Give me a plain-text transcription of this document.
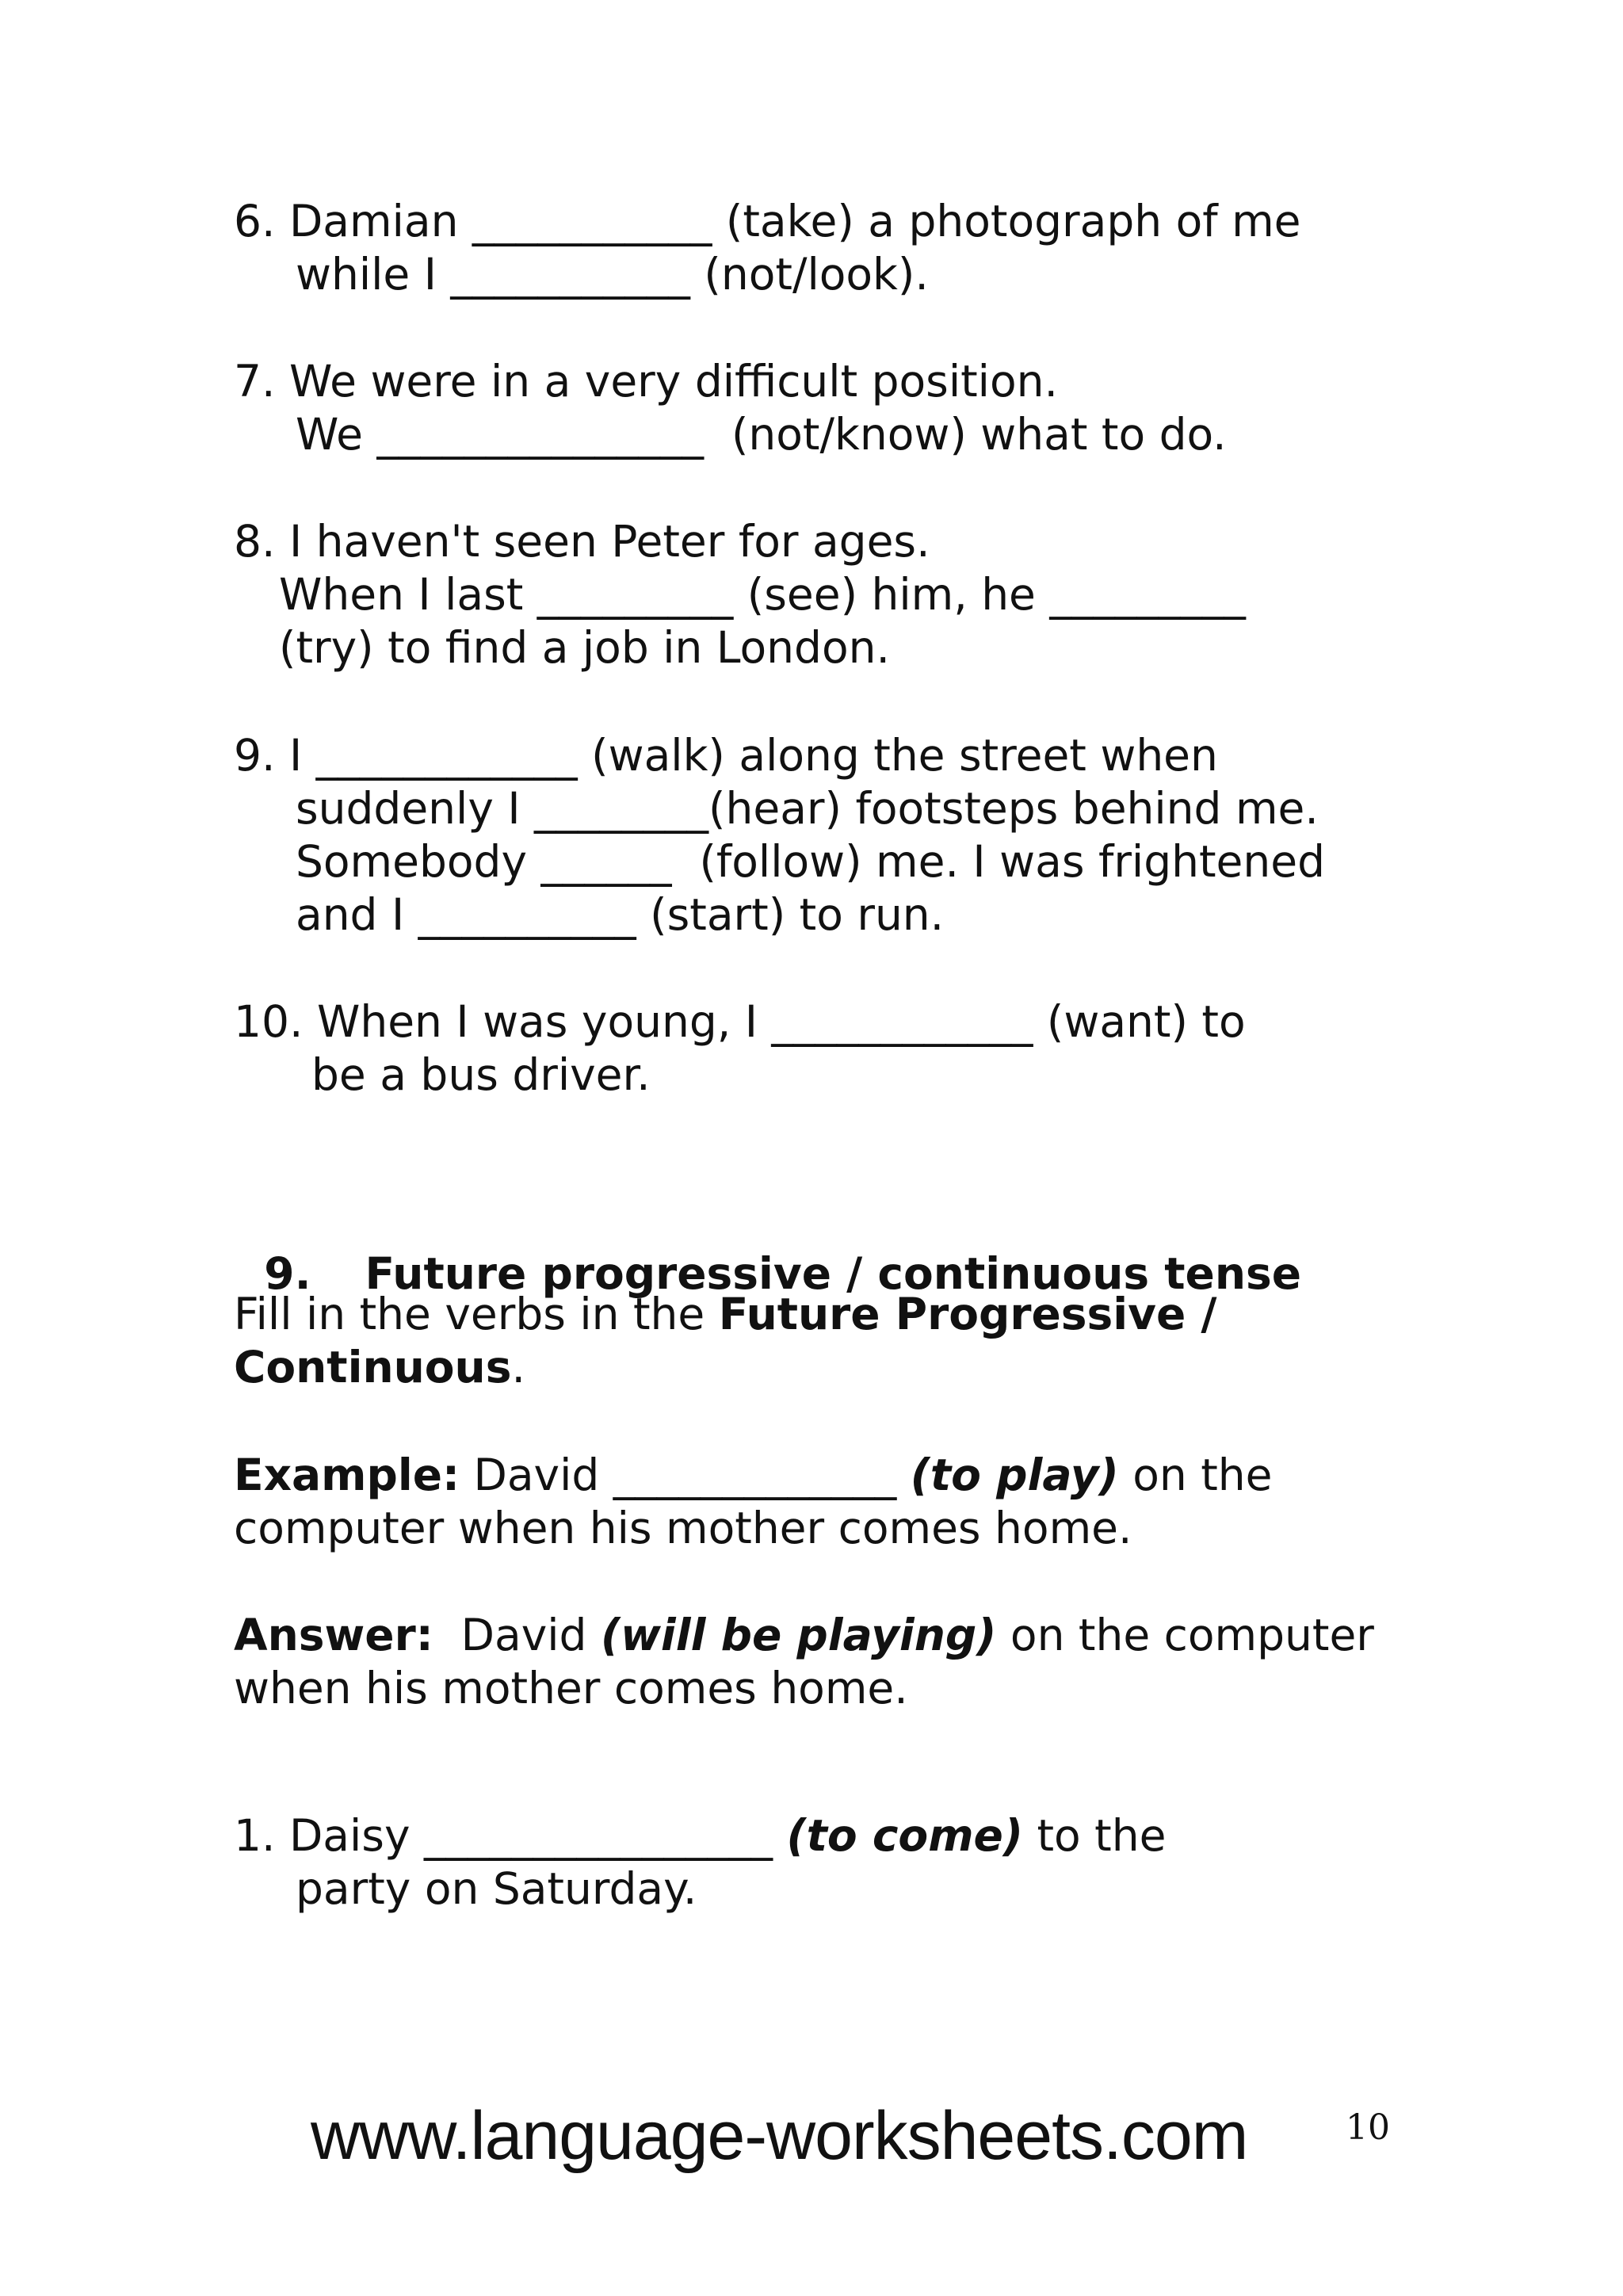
6. Damian ___________ (take) a photograph of me
while I ___________ (not/look).
7. We were in a very difficult position.
We _______________  (not/know) what to do.
8. I haven't seen Peter for ages.
When I last _________ (see) him, he _________
(try) to find a job in London.
9. I ____________ (walk) along the street when
suddenly I ________(hear) footsteps behind me.
Somebody ______  (follow) me. I was frightened
and I __________ (start) to run.
10. When I was young, I ____________ (want) to
be a bus driver.

9. Future progressive / continuous tense

Fill in the verbs in the Future Progressive /
Continuous.
Example: David _____________ (to play) on the
computer when his mother comes home.
Answer:  David (will be playing) on the computer
when his mother comes home.
1. Daisy ________________ (to come) to the
party on Saturday.
www.language-worksheets.com	10
